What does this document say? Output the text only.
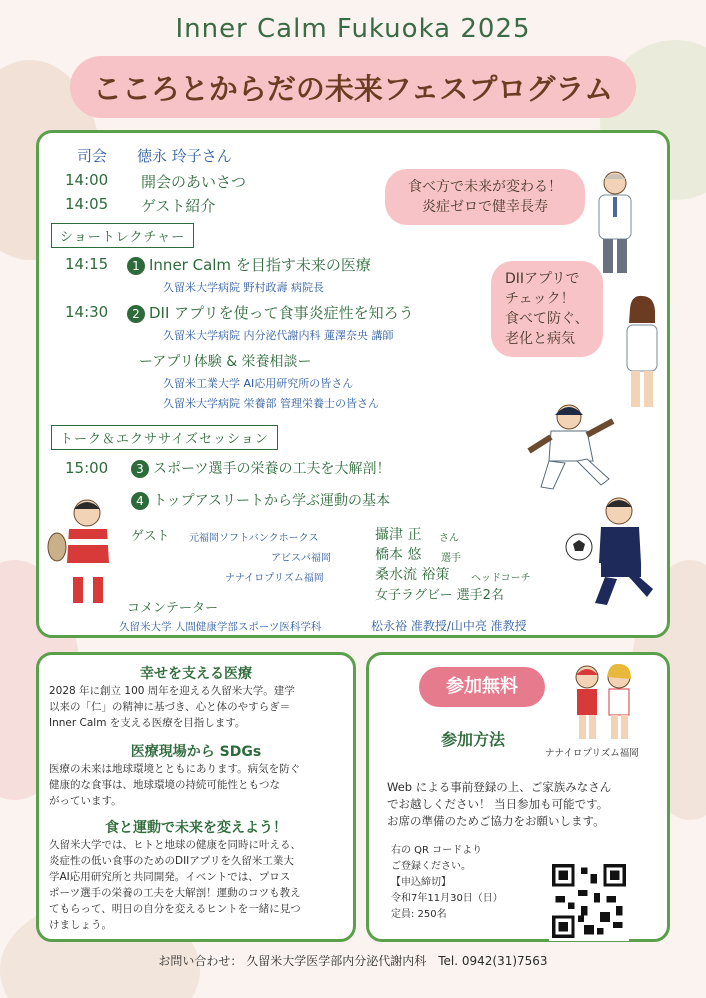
Inner Calm Fukuoka 2025
こころとからだの未来フェスプログラム
司会 徳永 玲子さん
14:00 開会のあいさつ
14:05 ゲスト紹介
ショートレクチャー
14:15	1 Inner Calm を目指す未来の医療
久留米大学病院 野村政壽 病院長
14:30	2 DII アプリを使って食事炎症性を知ろう
久留米大学病院 内分泌代謝内科 蓮澤奈央 講師
ーアプリ体験 & 栄養相談ー
久留米工業大学 AI応用研究所の皆さん
久留米大学病院 栄養部 管理栄養士の皆さん
トーク＆エクササイズセッション
15:00	3 スポーツ選手の栄養の工夫を大解剖！
4 トップアスリートから学ぶ運動の基本
ゲスト 元福岡ソフトバンクホークス	攝津 正 さん
アビスパ福岡	橋本 悠 選手
ナナイロプリズム福岡	桑水流 裕策 ヘッドコーチ
女子ラグビー 選手2名
コメンテーター
久留米大学 人間健康学部スポーツ医科学科	松永裕 准教授/山中亮 准教授
食べ方で未来が変わる！
炎症ゼロで健幸長寿
DIIアプリで
チェック！
食べて防ぐ、
老化と病気
幸せを支える医療
2028 年に創立 100 周年を迎える久留米大学。建学
以来の「仁」の精神に基づき、心と体のやすらぎ＝
Inner Calm を支える医療を目指します。
医療現場から SDGs
医療の未来は地球環境とともにあります。病気を防ぐ
健康的な食事は、地球環境の持続可能性ともつな
がっています。
食と運動で未来を変えよう！
久留米大学では、ヒトと地球の健康を同時に叶える、
炎症性の低い食事のためのDIIアプリを久留米工業大
学AI応用研究所と共同開発。イベントでは、プロス
ポーツ選手の栄養の工夫を大解剖！運動のコツも教え
てもらって、明日の自分を変えるヒントを一緒に見つ
けましょう。
参加無料
参加方法
ナナイロプリズム福岡
Web による事前登録の上、ご家族みなさん
でお越しください！ 当日参加も可能です。
お席の準備のためご協力をお願いします。
右の QR コードより
ご登録ください。
【申込締切】
令和7年11月30日（日）
定員: 250名
お問い合わせ： 久留米大学医学部内分泌代謝内科　Tel. 0942(31)7563
